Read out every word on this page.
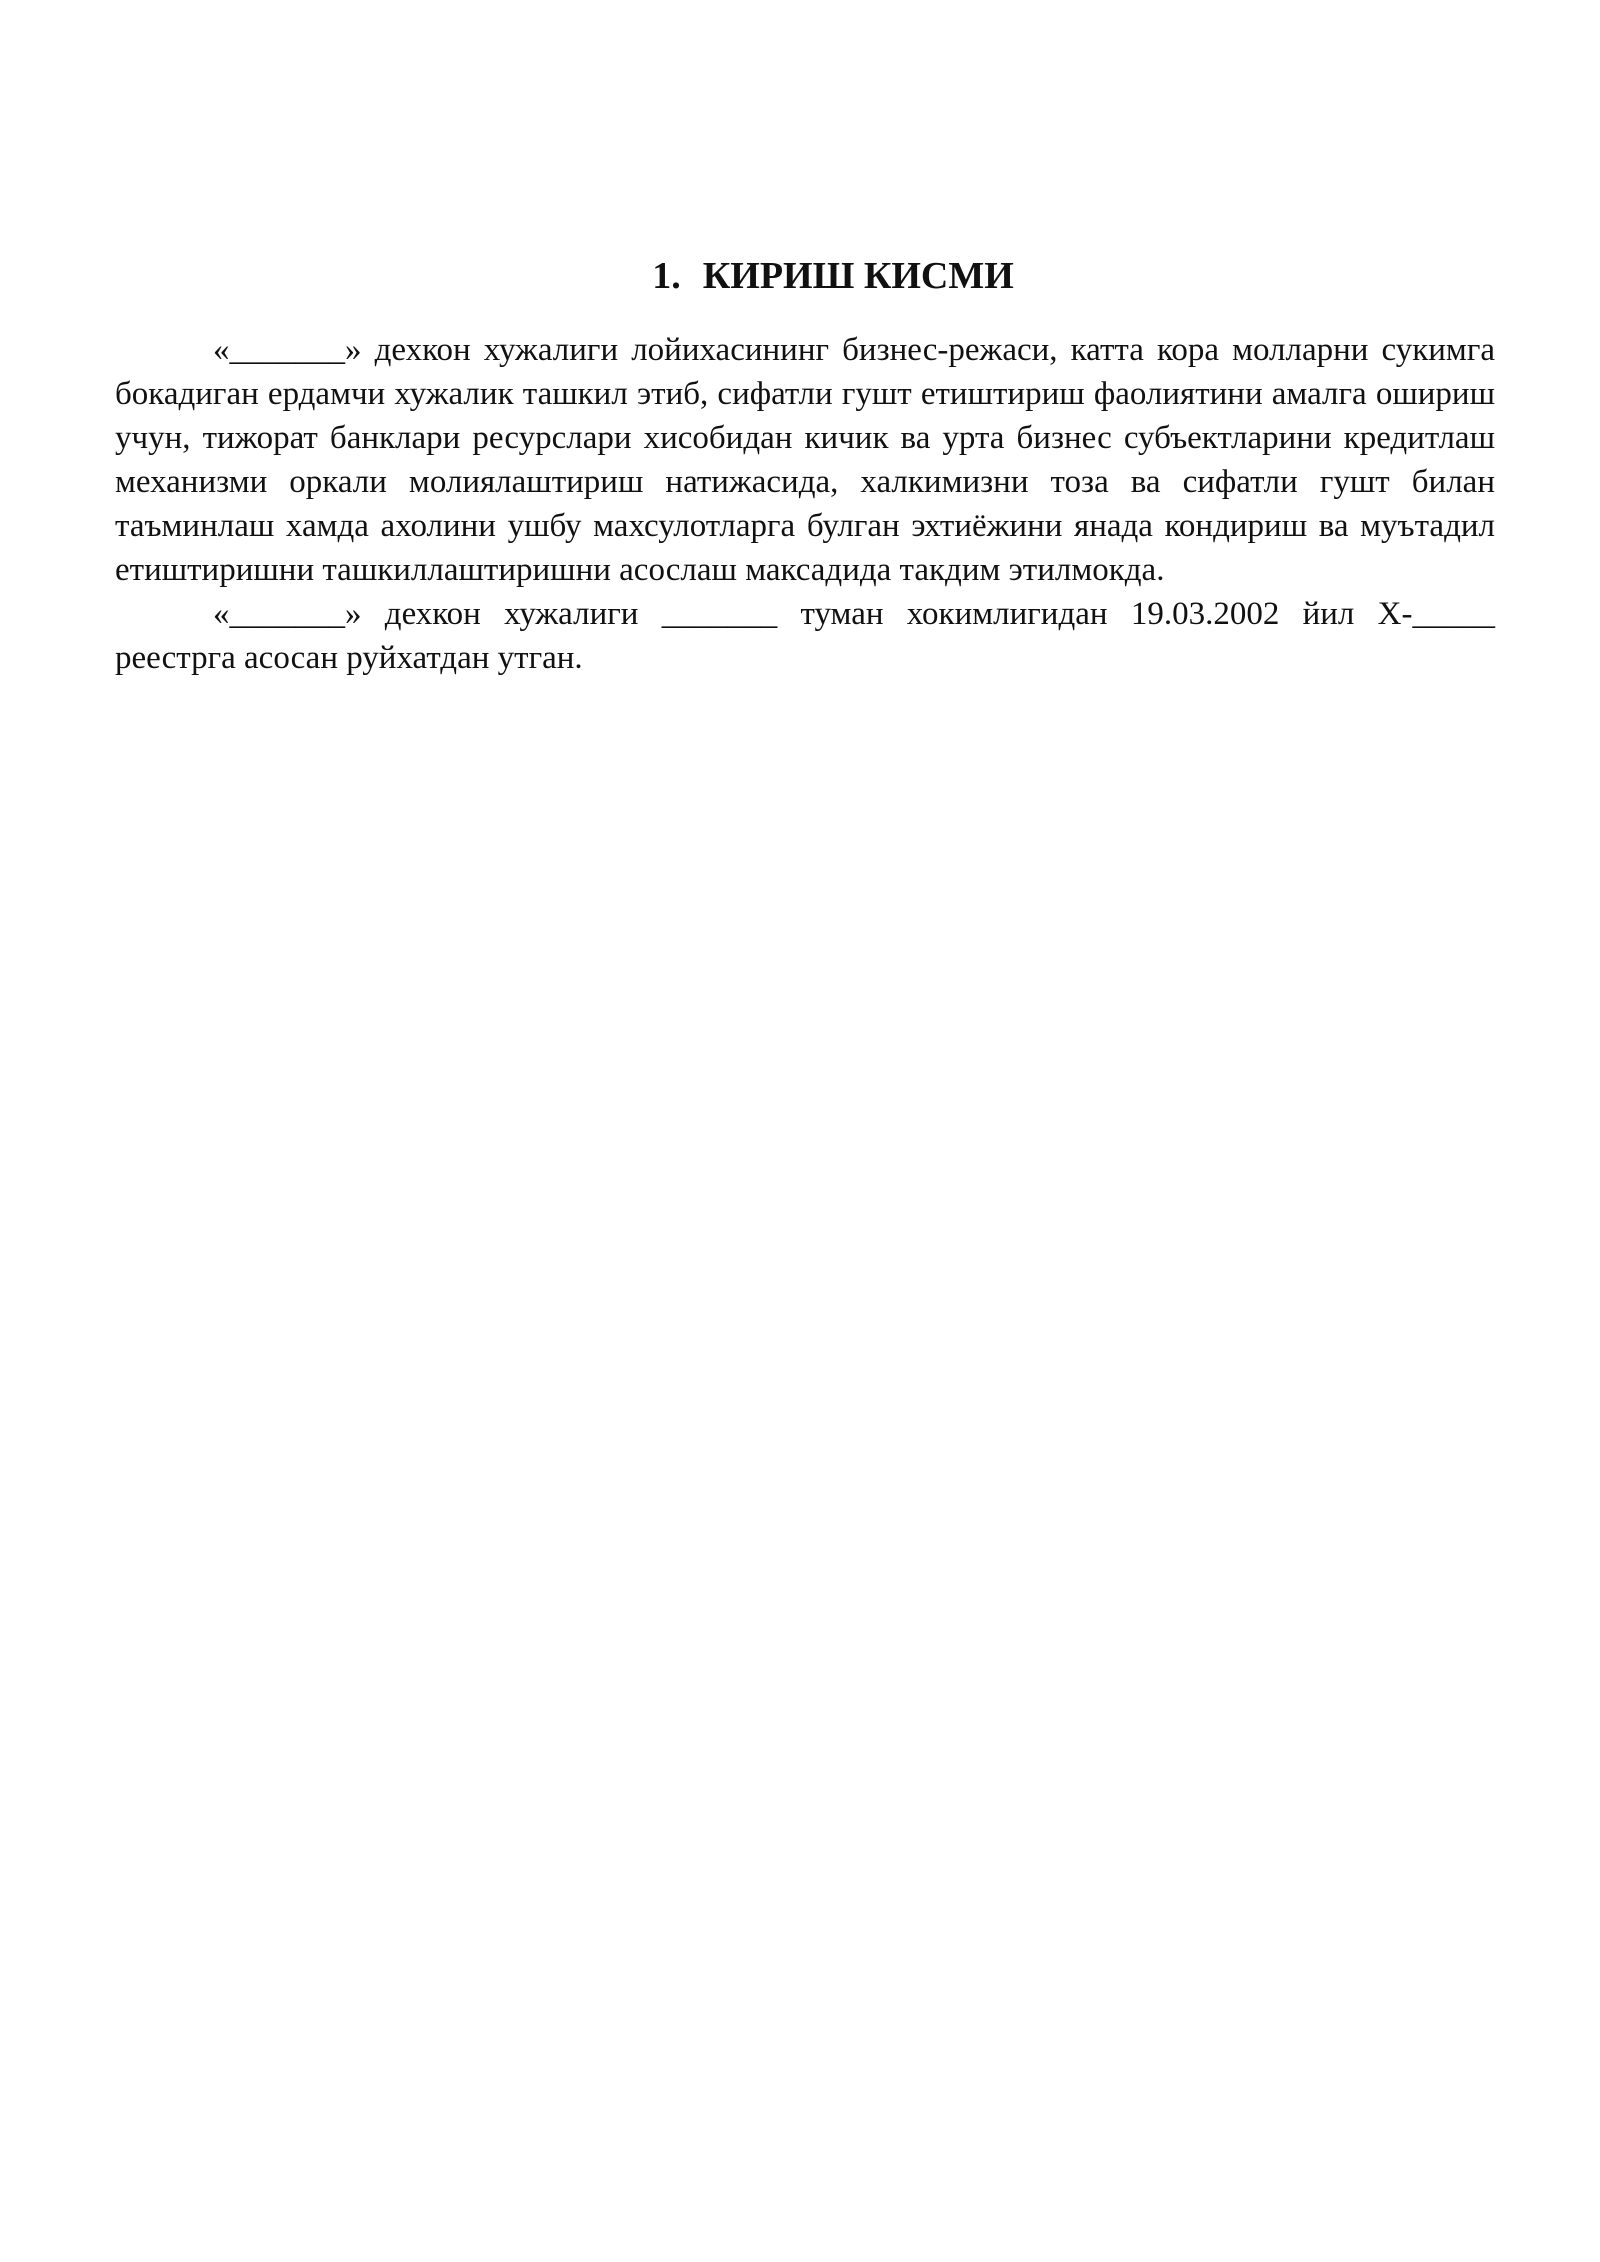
1. КИРИШ КИСМИ

«_______» дехкон хужалиги лойихасининг бизнес-режаси, катта кора молларни сукимга бокадиган ердамчи хужалик ташкил этиб, сифатли гушт етиштириш фаолиятини амалга ошириш учун, тижорат банклари ресурслари хисобидан кичик ва урта бизнес субъектларини кредитлаш механизми оркали молиялаштириш натижасида, халкимизни тоза ва сифатли гушт билан таъминлаш хамда ахолини ушбу махсулотларга булган эхтиёжини янада кондириш ва муътадил етиштиришни ташкиллаштиришни асослаш максадида такдим этилмокда.

«_______» дехкон хужалиги _______ туман хокимлигидан 19.03.2002 йил Х-_____ реестрга асосан руйхатдан утган.
